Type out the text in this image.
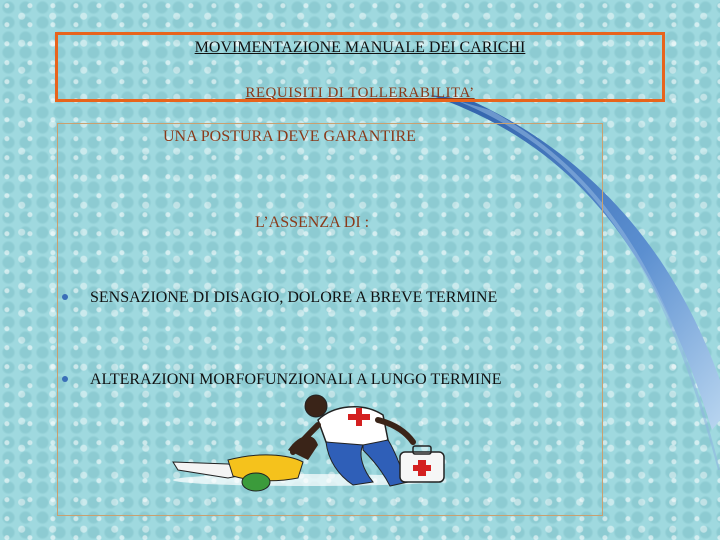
MOVIMENTAZIONE MANUALE DEI CARICHI
REQUISITI DI TOLLERABILITA’
UNA POSTURA DEVE GARANTIRE
L’ASSENZA DI :
SENSAZIONE DI DISAGIO, DOLORE A BREVE TERMINE
ALTERAZIONI MORFOFUNZIONALI A LUNGO TERMINE
